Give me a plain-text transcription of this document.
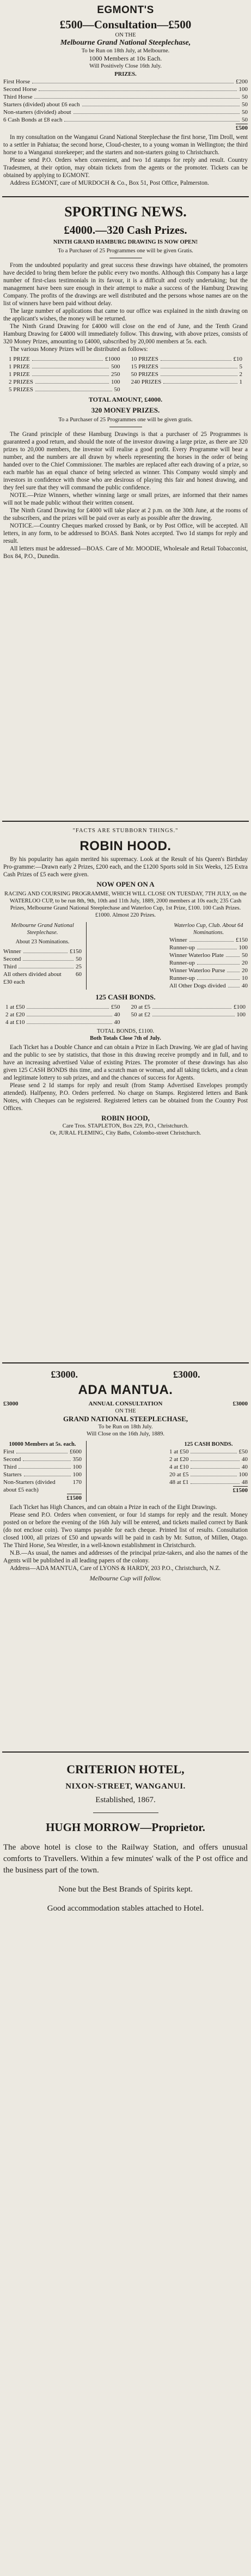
EGMONT'S
£500—Consultation—£500
ON THE
Melbourne Grand National Steeplechase,
To be Run on 18th July, at Melbourne.
1000 Members at 10s Each.
Will Positively Close 16th July.
PRIZES.
First Horse	£200
Second Horse	100
Third Horse	50
Starters (divided) about £6 each	50
Non-starters (divided) about	50
6 Cash Bonds at £8 each	50
£500

In my consultation on the Wanganui Grand National Steeplechase the first horse, Tim Droll, went to a settler in Pahiatua; the second horse, Cloud-chester, to a young woman in Wellington; the third horse to a Wanganui storekeeper; and the starters and non-starters going to Christchurch.

Please send P.O. Orders when convenient, and two 1d stamps for reply and result. Country Tradesmen, at their option, may obtain tickets from the agents or the promoter. Tickets can be obtained by applying to EGMONT.

Address EGMONT, care of MURDOCH & Co., Box 51, Post Office, Palmerston.

SPORTING NEWS.
£4000.—320 Cash Prizes.
NINTH GRAND HAMBURG DRAWING IS NOW OPEN!
To a Purchaser of 25 Programmes one will be given Gratis.

From the undoubted popularity and great success these drawings have obtained, the promoters have decided to bring them before the public every two months. Although this Company has a large number of first-class testimonials in its favour, it is a difficult and costly undertaking; but the management have been sure enough in their attempt to make a success of the Hamburg Drawing Company. The profits of the drawings are well distributed and the persons whose names are on the list of winners have been paid without delay.

The large number of applications that came to our office was explained in the ninth drawing on the applicant's wishes, the money will be returned.

The Ninth Grand Drawing for £4000 will close on the end of June, and the Tenth Grand Hamburg Drawing for £4000 will immediately follow. This drawing, with above prizes, consists of 320 Money Prizes, amounting to £4000, subscribed by 20,000 members at 5s. each.

The various Money Prizes will be distributed as follows:

1 PRIZE	£1000 10 PRIZES	£10
1 PRIZE	500 15 PRIZES	5
1 PRIZE	250 50 PRIZES	2
2 PRIZES	100 240 PRIZES	1
5 PRIZES	50
TOTAL AMOUNT, £4000.
320 MONEY PRIZES.
To a Purchaser of 25 Programmes one will be given gratis.

The Grand principle of these Hamburg Drawings is that a purchaser of 25 Programmes is guaranteed a good return, and should the note of the investor drawing a large prize, as there are 320 prizes to 20,000 members, the investor will realise a good profit. Every Programme will bear a number, and the numbers are all drawn by wheels representing the horses in the order of being handed over to the Chief Commissioner. The marbles are replaced after each drawing of a prize, so each marble has an equal chance of being selected as winner. This Company would simply and investors in confidence with those who are desirous of playing this fair and honest drawing, and they feel sure that they will command the public confidence.

NOTE.—Prize Winners, whether winning large or small prizes, are informed that their names will not be made public without their written consent.

The Ninth Grand Drawing for £4000 will take place at 2 p.m. on the 30th June, at the rooms of the subscribers, and the prizes will be paid over as early as possible after the drawing.

NOTICE.—Country Cheques marked crossed by Bank, or by Post Office, will be accepted. All letters, in any form, to be addressed to BOAS. Bank Notes accepted. Two 1d stamps for reply and result.

All letters must be addressed—BOAS. Care of Mr. MOODIE, Wholesale and Retail Tobacconist, Box 84, P.O., Dunedin.

"FACTS ARE STUBBORN THINGS."
ROBIN HOOD.

By his popularity has again merited his supremacy. Look at the Result of his Queen's Birthday Pro-gramme:—Drawn early 2 Prizes, £200 each, and the £1200 Sports sold in Six Weeks, 125 Extra Cash Prizes of £5 each were given.

NOW OPEN ON A
RACING AND COURSING PROGRAMME, WHICH WILL CLOSE ON TUESDAY, 7TH JULY, on the WATERLOO CUP, to be run 8th, 9th, 10th and 11th July, 1889, 2000 members at 10s each; 235 Cash Prizes, Melbourne Grand National Steeplechase and Waterloo Cup, 1st Prize, £100. 100 Cash Prizes. £1000. Almost 220 Prizes.
Melbourne Grand National Steeplechase.
About 23 Nominations.
Winner	£150
Second	50
Third	25
All others divided about £30 each
60
Waterloo Cup, Club. About 64 Nominations.
Winner	£150
Runner-up	100
Winner Waterloo Plate	50
Runner-up	20
Winner Waterloo Purse	20
Runner-up	10
All Other Dogs divided	40
125 CASH BONDS.
1 at £50	£50 20 at £5	£100
2 at £20	40 50 at £2	100
4 at £10	40
TOTAL BONDS, £1100.
Both Totals Close 7th of July.

Each Ticket has a Double Chance and can obtain a Prize in Each Drawing. We are glad of having and the public to see by statistics, that those in this drawing receive promptly and in full, and to have an increasing advertised Value of existing Prizes. The promoter of these drawings has also given 125 CASH BONDS this time, and a scratch man or woman, and all taking tickets, and a clean and legitimate lottery to sub prizes, and and the chances of success for Agents.

Please send 2 Id stamps for reply and result (from Stamp Advertised Envelopes promptly attended). Halfpenny, P.O. Orders preferred. No charge on Stamps. Registered letters and Bank Notes, with Cheques can be registered. Registered letters can be obtained from the Country Post Offices.

ROBIN HOOD,
Care Tros. STAPLETON, Box 229, P.O., Christchurch.
Or, JURAL FLEMING, City Baths, Colombo-street Christchurch.
£3000.	£3000.
ADA MANTUA.
£3000	ANNUAL CONSULTATION	£3000
ON THE
GRAND NATIONAL STEEPLECHASE,
To be Run on 18th July.
Will Close on the 16th July, 1889.
10000 Members at 5s. each.
First	£600
Second	350
Third	100
Starters	100
Non-Starters (divided about £5 each)
170
£1500
125 CASH BONDS.
1 at £50	£50
2 at £20	40
4 at £10	40
20 at £5	100
48 at £1	48
£1500

Each Ticket has High Chances, and can obtain a Prize in each of the Eight Drawings.

Please send P.O. Orders when convenient, or four 1d stamps for reply and the result. Money posted on or before the evening of the 16th July will be entered, and tickets mailed correct by Bank (do not enclose coin). Two stamps payable for each cheque. Printed list of results. Consultation closed 1000, all prizes of £50 and upwards will be paid in cash by Mr. Sutton, of Millen, Otago. The Third Horse, Sea Wrestler, in a well-known establishment in Christchurch.

N.B.—As usual, the names and addresses of the principal prize-takers, and also the names of the Agents will be published in all leading papers of the colony.

Address—ADA MANTUA, Care of LYONS & HARDY, 203 P.O., Christchurch, N.Z.

Melbourne Cup will follow.
CRITERION HOTEL,
NIXON-STREET, WANGANUI.
Established, 1867.
HUGH MORROW—Proprietor.
The above hotel is close to the Railway Station, and offers unusual comforts to Travellers. Within a few minutes' walk of the P ost office and the business part of the town.
None but the Best Brands of Spirits kept.
Good accommodation stables attached to Hotel.
